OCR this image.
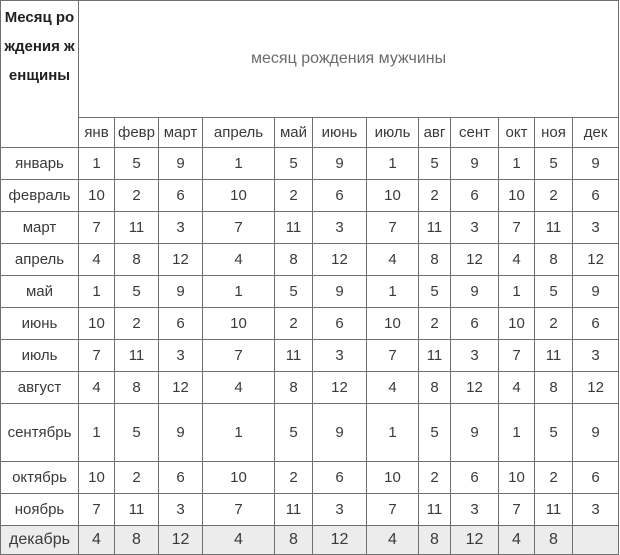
Месяц рождения женщины	месяц рождения мужчины											
	янв	февр	март	апрель	май	июнь	июль	авг	сент	окт	ноя	дек
январь	1	5	9	1	5	9	1	5	9	1	5	9
февраль	10	2	6	10	2	6	10	2	6	10	2	6
март	7	11	3	7	11	3	7	11	3	7	11	3
апрель	4	8	12	4	8	12	4	8	12	4	8	12
май	1	5	9	1	5	9	1	5	9	1	5	9
июнь	10	2	6	10	2	6	10	2	6	10	2	6
июль	7	11	3	7	11	3	7	11	3	7	11	3
август	4	8	12	4	8	12	4	8	12	4	8	12
сентябрь	1	5	9	1	5	9	1	5	9	1	5	9
октябрь	10	2	6	10	2	6	10	2	6	10	2	6
ноябрь	7	11	3	7	11	3	7	11	3	7	11	3
декабрь	4	8	12	4	8	12	4	8	12	4	8	
